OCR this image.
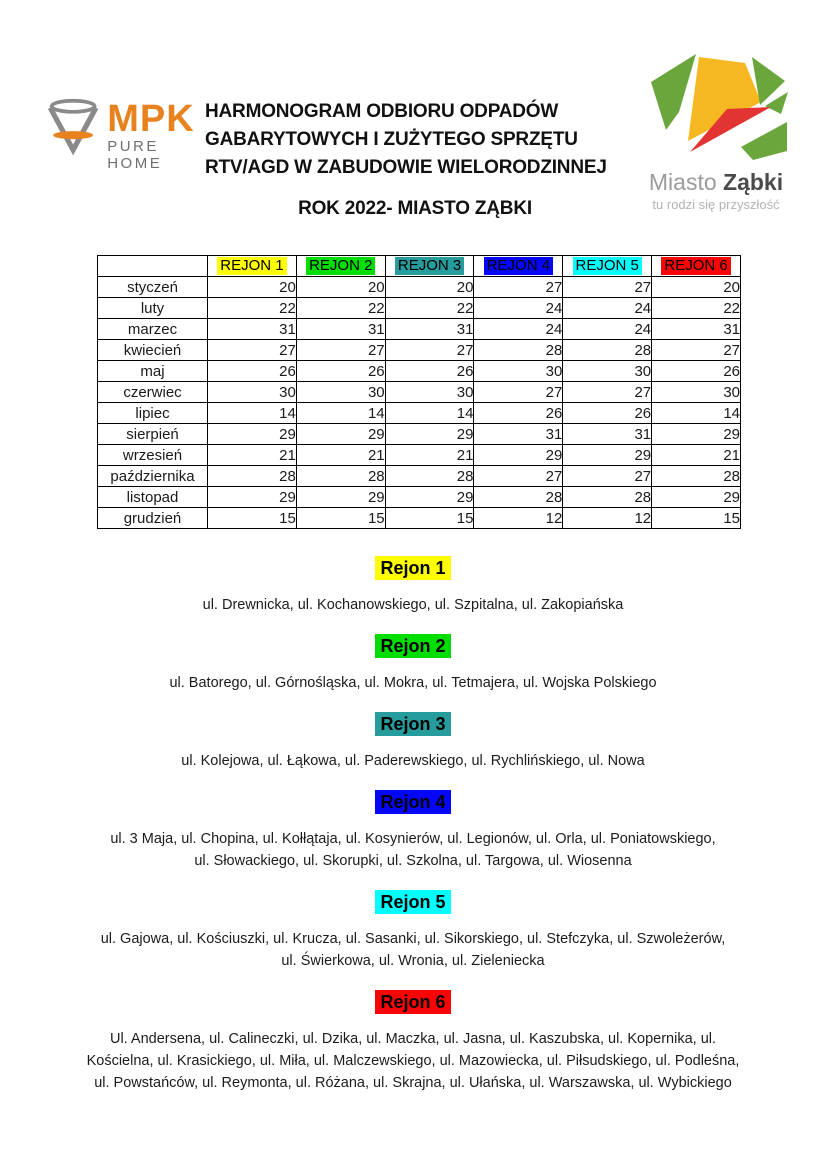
MPK
PURE HOME
HARMONOGRAM ODBIORU ODPADÓW
GABARYTOWYCH I ZUŻYTEGO SPRZĘTU
RTV/AGD W ZABUDOWIE WIELORODZINNEJ
ROK 2022- MIASTO ZĄBKI
Miasto Ząbki
tu rodzi się przyszłość
	REJON 1	REJON 2	REJON 3	REJON 4	REJON 5	REJON 6
styczeń	20	20	20	27	27	20
luty	22	22	22	24	24	22
marzec	31	31	31	24	24	31
kwiecień	27	27	27	28	28	27
maj	26	26	26	30	30	26
czerwiec	30	30	30	27	27	30
lipiec	14	14	14	26	26	14
sierpień	29	29	29	31	31	29
wrzesień	21	21	21	29	29	21
października	28	28	28	27	27	28
listopad	29	29	29	28	28	29
grudzień	15	15	15	12	12	15
Rejon 1
ul. Drewnicka, ul. Kochanowskiego, ul. Szpitalna, ul. Zakopiańska
Rejon 2
ul. Batorego, ul. Górnośląska, ul. Mokra, ul. Tetmajera, ul. Wojska Polskiego
Rejon 3
ul. Kolejowa, ul. Łąkowa, ul. Paderewskiego, ul. Rychlińskiego, ul. Nowa
Rejon 4
ul. 3 Maja, ul. Chopina, ul. Kołłątaja, ul. Kosynierów, ul. Legionów, ul. Orla, ul. Poniatowskiego,
ul. Słowackiego, ul. Skorupki, ul. Szkolna, ul. Targowa, ul. Wiosenna
Rejon 5
ul. Gajowa, ul. Kościuszki, ul. Krucza, ul. Sasanki, ul. Sikorskiego, ul. Stefczyka, ul. Szwoleżerów,
ul. Świerkowa, ul. Wronia, ul. Zieleniecka
Rejon 6
Ul. Andersena, ul. Calineczki, ul. Dzika, ul. Maczka, ul. Jasna, ul. Kaszubska, ul. Kopernika, ul.
Kościelna, ul. Krasickiego, ul. Miła, ul. Malczewskiego, ul. Mazowiecka, ul. Piłsudskiego, ul. Podleśna,
ul. Powstańców, ul. Reymonta, ul. Różana, ul. Skrajna, ul. Ułańska, ul. Warszawska, ul. Wybickiego
